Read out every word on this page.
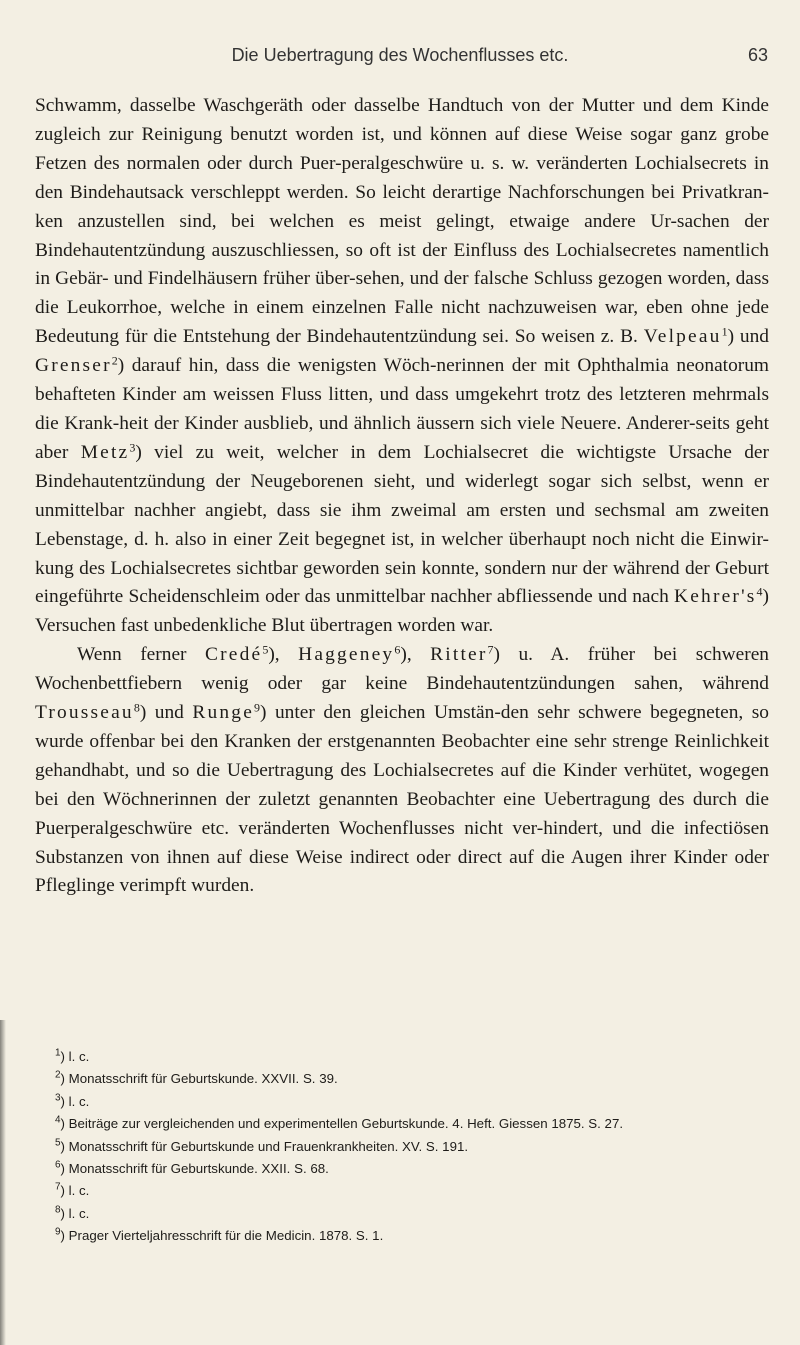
Die Uebertragung des Wochenflusses etc.	63

Schwamm, dasselbe Waschgeräth oder dasselbe Handtuch von der Mutter und dem Kinde zugleich zur Reinigung benutzt worden ist, und können auf diese Weise sogar ganz grobe Fetzen des normalen oder durch Puer-peralgeschwüre u. s. w. veränderten Lochialsecrets in den Bindehautsack verschleppt werden. So leicht derartige Nachforschungen bei Privatkran-ken anzustellen sind, bei welchen es meist gelingt, etwaige andere Ur-sachen der Bindehautentzündung auszuschliessen, so oft ist der Einfluss des Lochialsecretes namentlich in Gebär- und Findelhäusern früher über-sehen, und der falsche Schluss gezogen worden, dass die Leukorrhoe, welche in einem einzelnen Falle nicht nachzuweisen war, eben ohne jede Bedeutung für die Entstehung der Bindehautentzündung sei. So weisen z. B. Velpeau$^1$) und Grenser$^2$) darauf hin, dass die wenigsten Wöch-nerinnen der mit Ophthalmia neonatorum behafteten Kinder am weissen Fluss litten, und dass umgekehrt trotz des letzteren mehrmals die Krank-heit der Kinder ausblieb, und ähnlich äussern sich viele Neuere. Anderer-seits geht aber Metz$^3$) viel zu weit, welcher in dem Lochialsecret die wichtigste Ursache der Bindehautentzündung der Neugeborenen sieht, und widerlegt sogar sich selbst, wenn er unmittelbar nachher angiebt, dass sie ihm zweimal am ersten und sechsmal am zweiten Lebenstage, d. h. also in einer Zeit begegnet ist, in welcher überhaupt noch nicht die Einwir-kung des Lochialsecretes sichtbar geworden sein konnte, sondern nur der während der Geburt eingeführte Scheidenschleim oder das unmittelbar nachher abfliessende und nach $Kehrer's^4$) Versuchen fast unbedenkliche Blut übertragen worden war.

Wenn ferner Credé$^5$), Haggeney$^6$), Ritter$^7$) u. A. früher bei schweren Wochenbettfiebern wenig oder gar keine Bindehautentzündungen sahen, während Trousseau$^8$) und Runge$^9$) unter den gleichen Umstän-den sehr schwere begegneten, so wurde offenbar bei den Kranken der erstgenannten Beobachter eine sehr strenge Reinlichkeit gehandhabt, und so die Uebertragung des Lochialsecretes auf die Kinder verhütet, wogegen bei den Wöchnerinnen der zuletzt genannten Beobachter eine Uebertragung des durch die Puerperalgeschwüre etc. veränderten Wochenflusses nicht ver-hindert, und die infectiösen Substanzen von ihnen auf diese Weise indirect oder direct auf die Augen ihrer Kinder oder Pfleglinge verimpft wurden.

$^1$) l. c.
$^2$) Monatsschrift für Geburtskunde. XXVII. S. 39.
$^3$) l. c.
$^4$) Beiträge zur vergleichenden und experimentellen Geburtskunde. 4. Heft. Giessen 1875. S. 27.
$^5$) Monatsschrift für Geburtskunde und Frauenkrankheiten. XV. S. 191.
$^6$) Monatsschrift für Geburtskunde. XXII. S. 68.
$^7$) l. c.
$^8$) l. c.
$^9$) Prager Vierteljahresschrift für die Medicin. 1878. S. 1.
